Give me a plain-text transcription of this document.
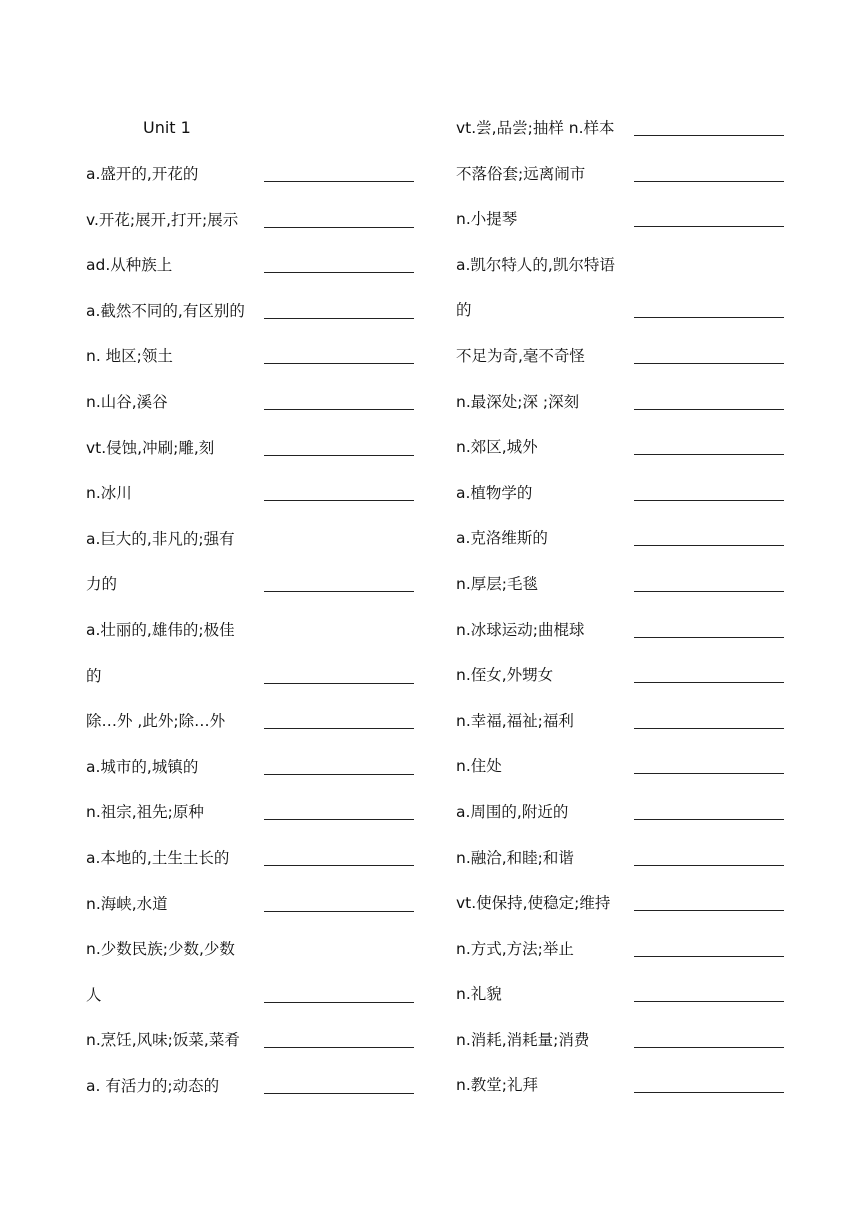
Unit 1
a.盛开的,开花的
v.开花;展开,打开;展示
ad.从种族上
a.截然不同的,有区别的
n. 地区;领土
n.山谷,溪谷
vt.侵蚀,冲刷;雕,刻
n.冰川
a.巨大的,非凡的;强有
力的
a.壮丽的,雄伟的;极佳
的
除…外 ,此外;除…外
a.城市的,城镇的
n.祖宗,祖先;原种
a.本地的,土生土长的
n.海峡,水道
n.少数民族;少数,少数
人
n.烹饪,风味;饭菜,菜肴
a. 有活力的;动态的
vt.尝,品尝;抽样 n.样本
不落俗套;远离闹市
n.小提琴
a.凯尔特人的,凯尔特语
的
不足为奇,毫不奇怪
n.最深处;深 ;深刻
n.郊区,城外
a.植物学的
a.克洛维斯的
n.厚层;毛毯
n.冰球运动;曲棍球
n.侄女,外甥女
n.幸福,福祉;福利
n.住处
a.周围的,附近的
n.融洽,和睦;和谐
vt.使保持,使稳定;维持
n.方式,方法;举止
n.礼貌
n.消耗,消耗量;消费
n.教堂;礼拜
